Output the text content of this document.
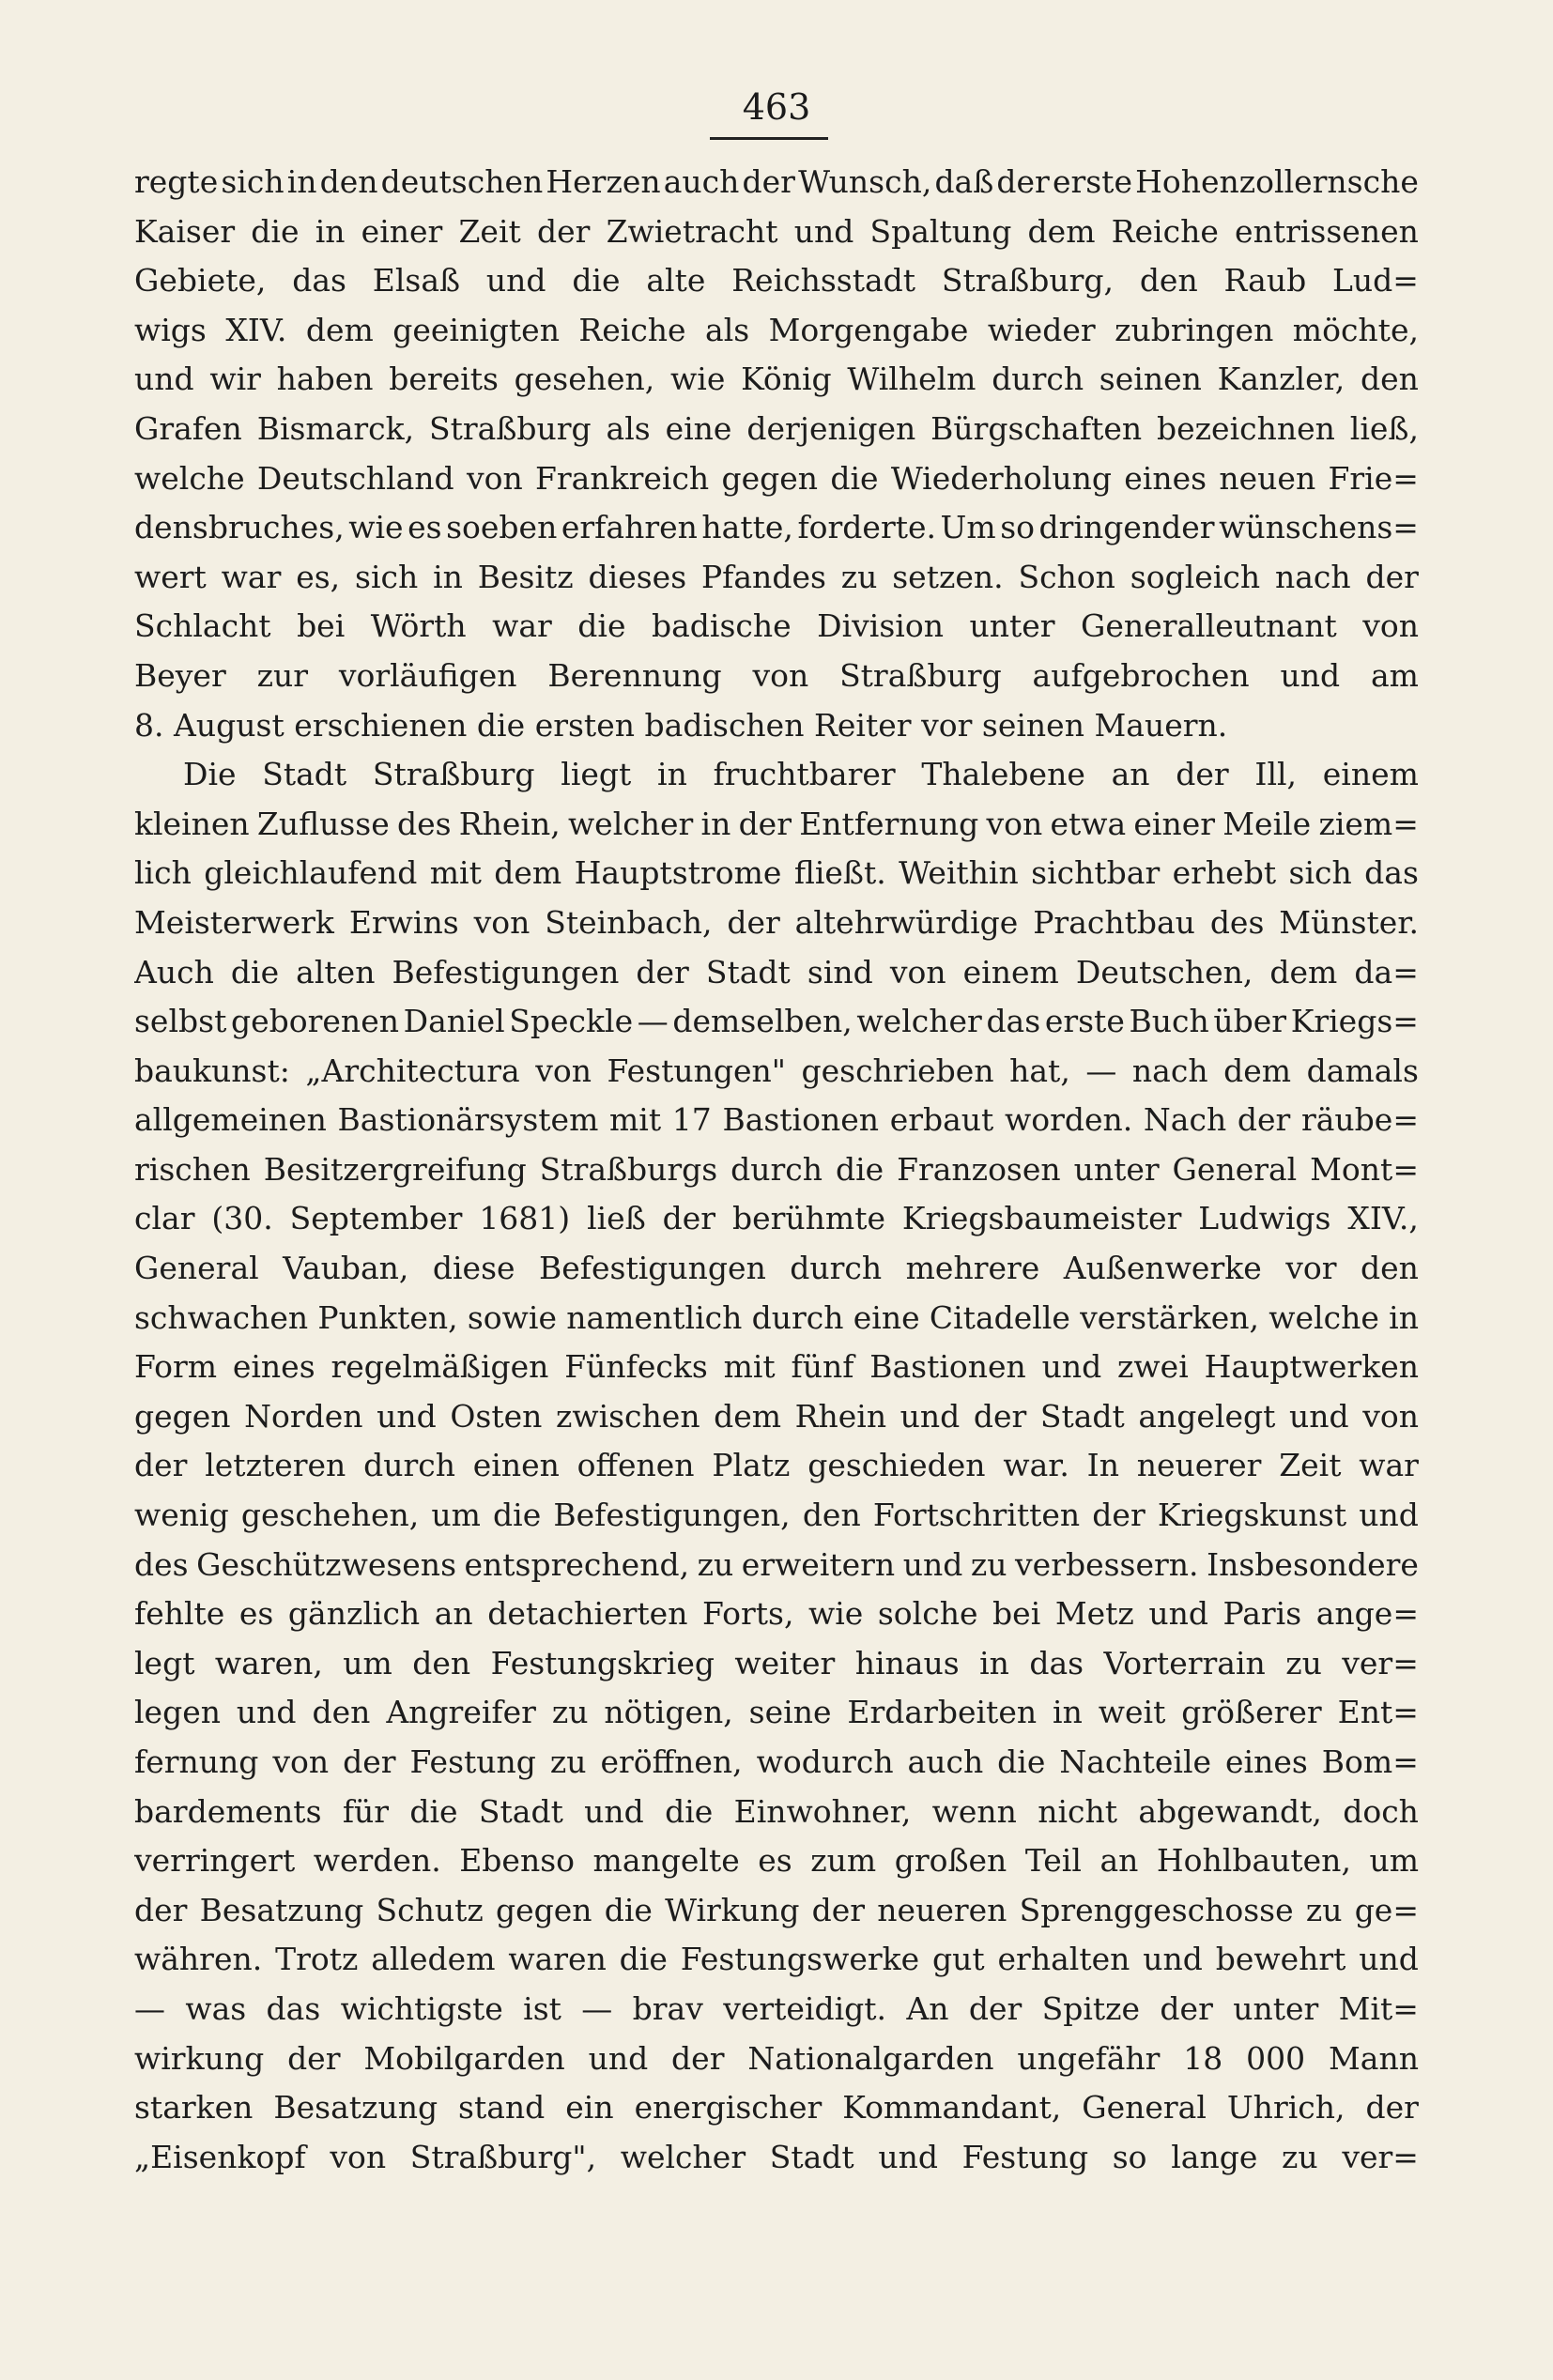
463
regte sich in den deutschen Herzen auch der Wunsch, daß der erste Hohenzollernsche
Kaiser die in einer Zeit der Zwietracht und Spaltung dem Reiche entrissenen
Gebiete, das Elsaß und die alte Reichsstadt Straßburg, den Raub Lud=
wigs XIV. dem geeinigten Reiche als Morgengabe wieder zubringen möchte,
und wir haben bereits gesehen, wie König Wilhelm durch seinen Kanzler, den
Grafen Bismarck, Straßburg als eine derjenigen Bürgschaften bezeichnen ließ,
welche Deutschland von Frankreich gegen die Wiederholung eines neuen Frie=
densbruches, wie es soeben erfahren hatte, forderte. Um so dringender wünschens=
wert war es, sich in Besitz dieses Pfandes zu setzen. Schon sogleich nach der
Schlacht bei Wörth war die badische Division unter Generalleutnant von
Beyer zur vorläufigen Berennung von Straßburg aufgebrochen und am
8. August erschienen die ersten badischen Reiter vor seinen Mauern.
Die Stadt Straßburg liegt in fruchtbarer Thalebene an der Ill, einem
kleinen Zuflusse des Rhein, welcher in der Entfernung von etwa einer Meile ziem=
lich gleichlaufend mit dem Hauptstrome fließt. Weithin sichtbar erhebt sich das
Meisterwerk Erwins von Steinbach, der altehrwürdige Prachtbau des Münster.
Auch die alten Befestigungen der Stadt sind von einem Deutschen, dem da=
selbst geborenen Daniel Specklе — demselben, welcher das erste Buch über Kriegs=
baukunst: „Architectura von Festungen" geschrieben hat, — nach dem damals
allgemeinen Bastionärsystem mit 17 Bastionen erbaut worden. Nach der räube=
rischen Besitzergreifung Straßburgs durch die Franzosen unter General Mont=
clar (30. September 1681) ließ der berühmte Kriegsbaumeister Ludwigs XIV.,
General Vauban, diese Befestigungen durch mehrere Außenwerke vor den
schwachen Punkten, sowie namentlich durch eine Citadelle verstärken, welche in
Form eines regelmäßigen Fünfecks mit fünf Bastionen und zwei Hauptwerken
gegen Norden und Osten zwischen dem Rhein und der Stadt angelegt und von
der letzteren durch einen offenen Platz geschieden war. In neuerer Zeit war
wenig geschehen, um die Befestigungen, den Fortschritten der Kriegskunst und
des Geschützwesens entsprechend, zu erweitern und zu verbessern. Insbesondere
fehlte es gänzlich an detachierten Forts, wie solche bei Metz und Paris ange=
legt waren, um den Festungskrieg weiter hinaus in das Vorterrain zu ver=
legen und den Angreifer zu nötigen, seine Erdarbeiten in weit größerer Ent=
fernung von der Festung zu eröffnen, wodurch auch die Nachteile eines Bom=
bardements für die Stadt und die Einwohner, wenn nicht abgewandt, doch
verringert werden. Ebenso mangelte es zum großen Teil an Hohlbauten, um
der Besatzung Schutz gegen die Wirkung der neueren Sprenggeschosse zu ge=
währen. Trotz alledem waren die Festungswerke gut erhalten und bewehrt und
— was das wichtigste ist — brav verteidigt. An der Spitze der unter Mit=
wirkung der Mobilgarden und der Nationalgarden ungefähr 18 000 Mann
starken Besatzung stand ein energischer Kommandant, General Uhrich, der
„Eisenkopf von Straßburg", welcher Stadt und Festung so lange zu ver=
